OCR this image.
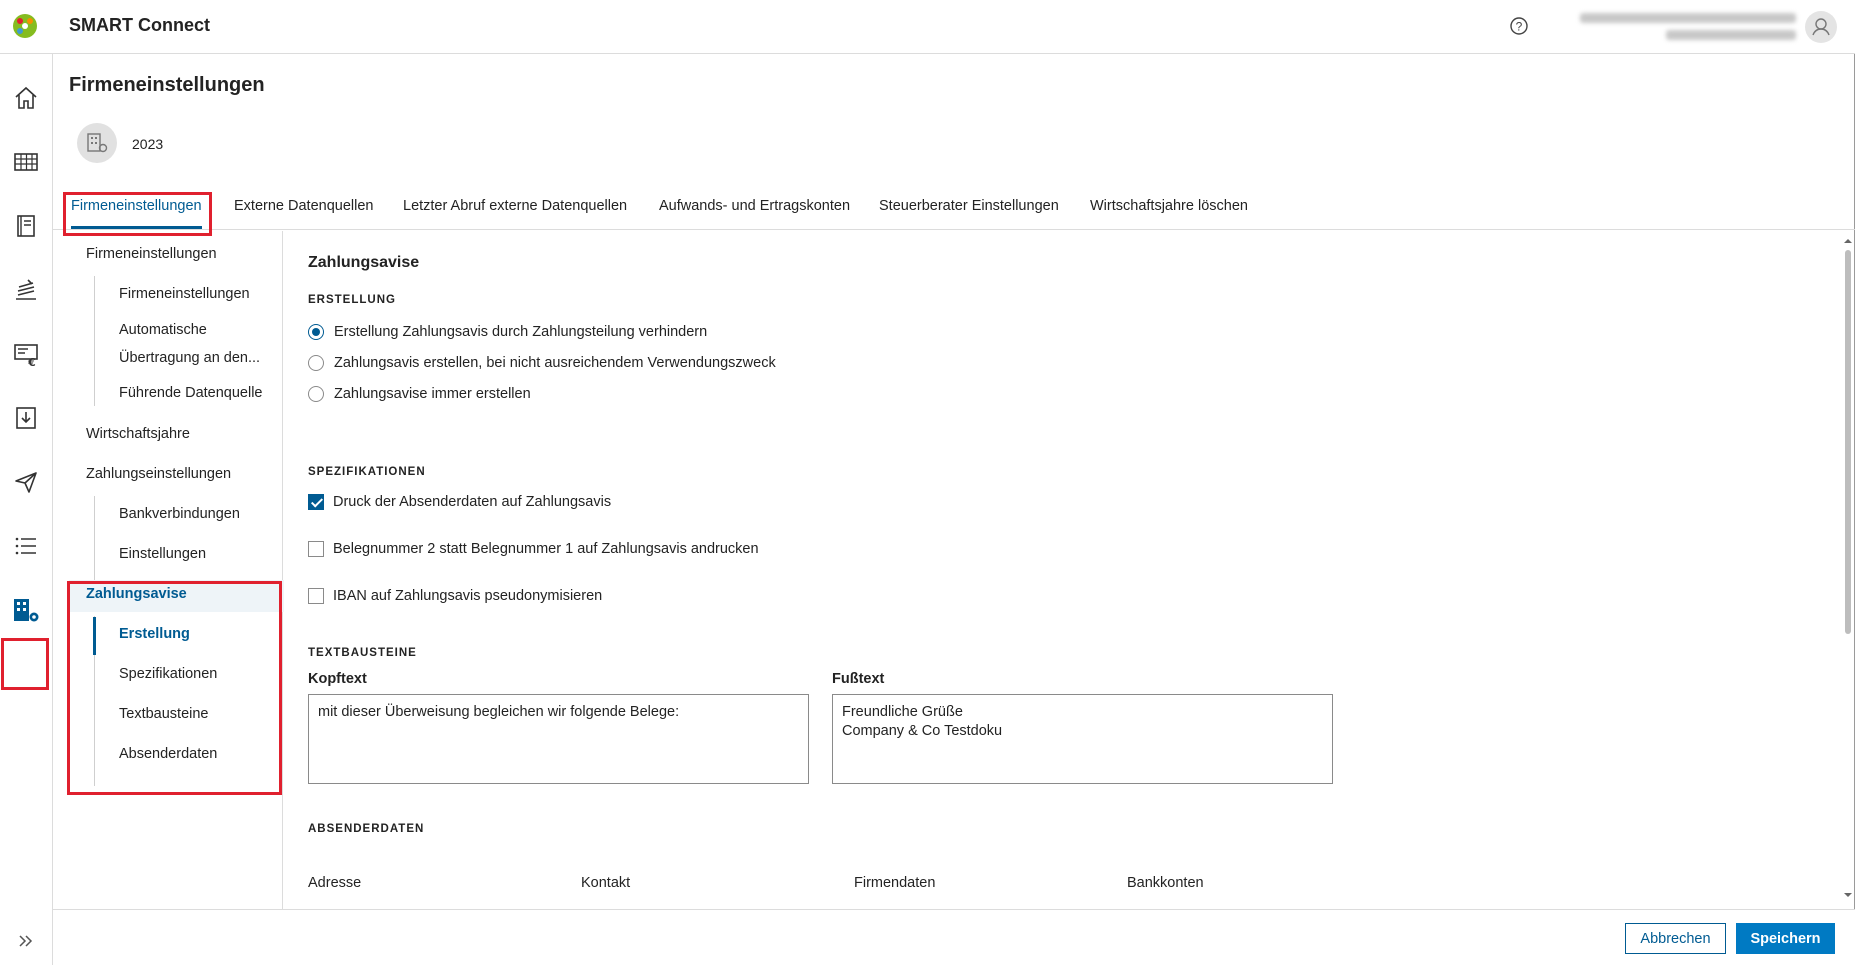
SMART Connect	?
€
Firmeneinstellungen
2023
Firmeneinstellungen Externe Datenquellen Letzter Abruf externe Datenquellen Aufwands- und Ertragskonten Steuerberater Einstellungen Wirtschaftsjahre löschen
Firmeneinstellungen
Firmeneinstellungen
Automatische
Übertragung an den...
Führende Datenquelle
Wirtschaftsjahre
Zahlungseinstellungen
Bankverbindungen
Einstellungen
Zahlungsavise
Erstellung
Spezifikationen
Textbausteine
Absenderdaten
Zahlungsavise
ERSTELLUNG
Erstellung Zahlungsavis durch Zahlungsteilung verhindern
Zahlungsavis erstellen, bei nicht ausreichendem Verwendungszweck
Zahlungsavise immer erstellen
SPEZIFIKATIONEN
Druck der Absenderdaten auf Zahlungsavis
Belegnummer 2 statt Belegnummer 1 auf Zahlungsavis andrucken
IBAN auf Zahlungsavis pseudonymisieren
TEXTBAUSTEINE
Kopftext
mit dieser Überweisung begleichen wir folgende Belege:	Fußtext
Freundliche Grüße Company & Co Testdoku
ABSENDERDATEN
Adresse	Kontakt	Firmendaten	Bankkonten
Abbrechen	Speichern
